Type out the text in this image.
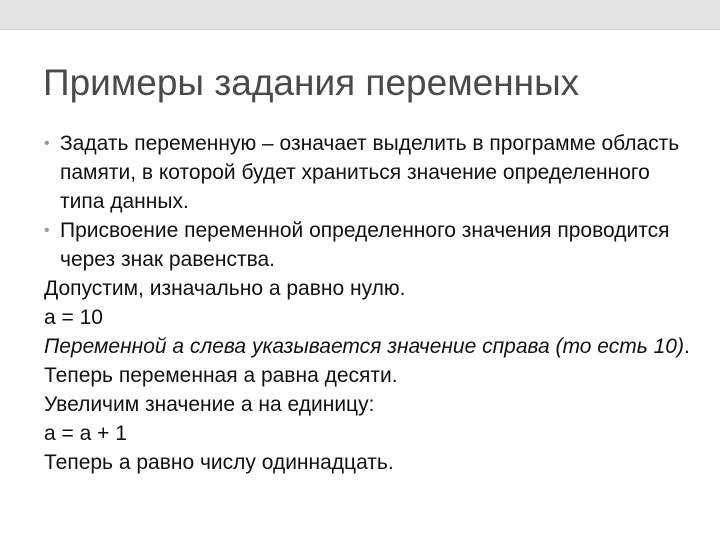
Примеры задания переменных
• Задать переменную – означает выделить в программе область памяти, в которой будет храниться значение определенного типа данных.
• Присвоение переменной определенного значения проводится через знак равенства.

Допустим, изначально a равно нулю.

a = 10

Переменной a слева указывается значение справа (то есть 10). Теперь переменная a равна десяти.

Увеличим значение a на единицу:

a = a + 1

Теперь a равно числу одиннадцать.
